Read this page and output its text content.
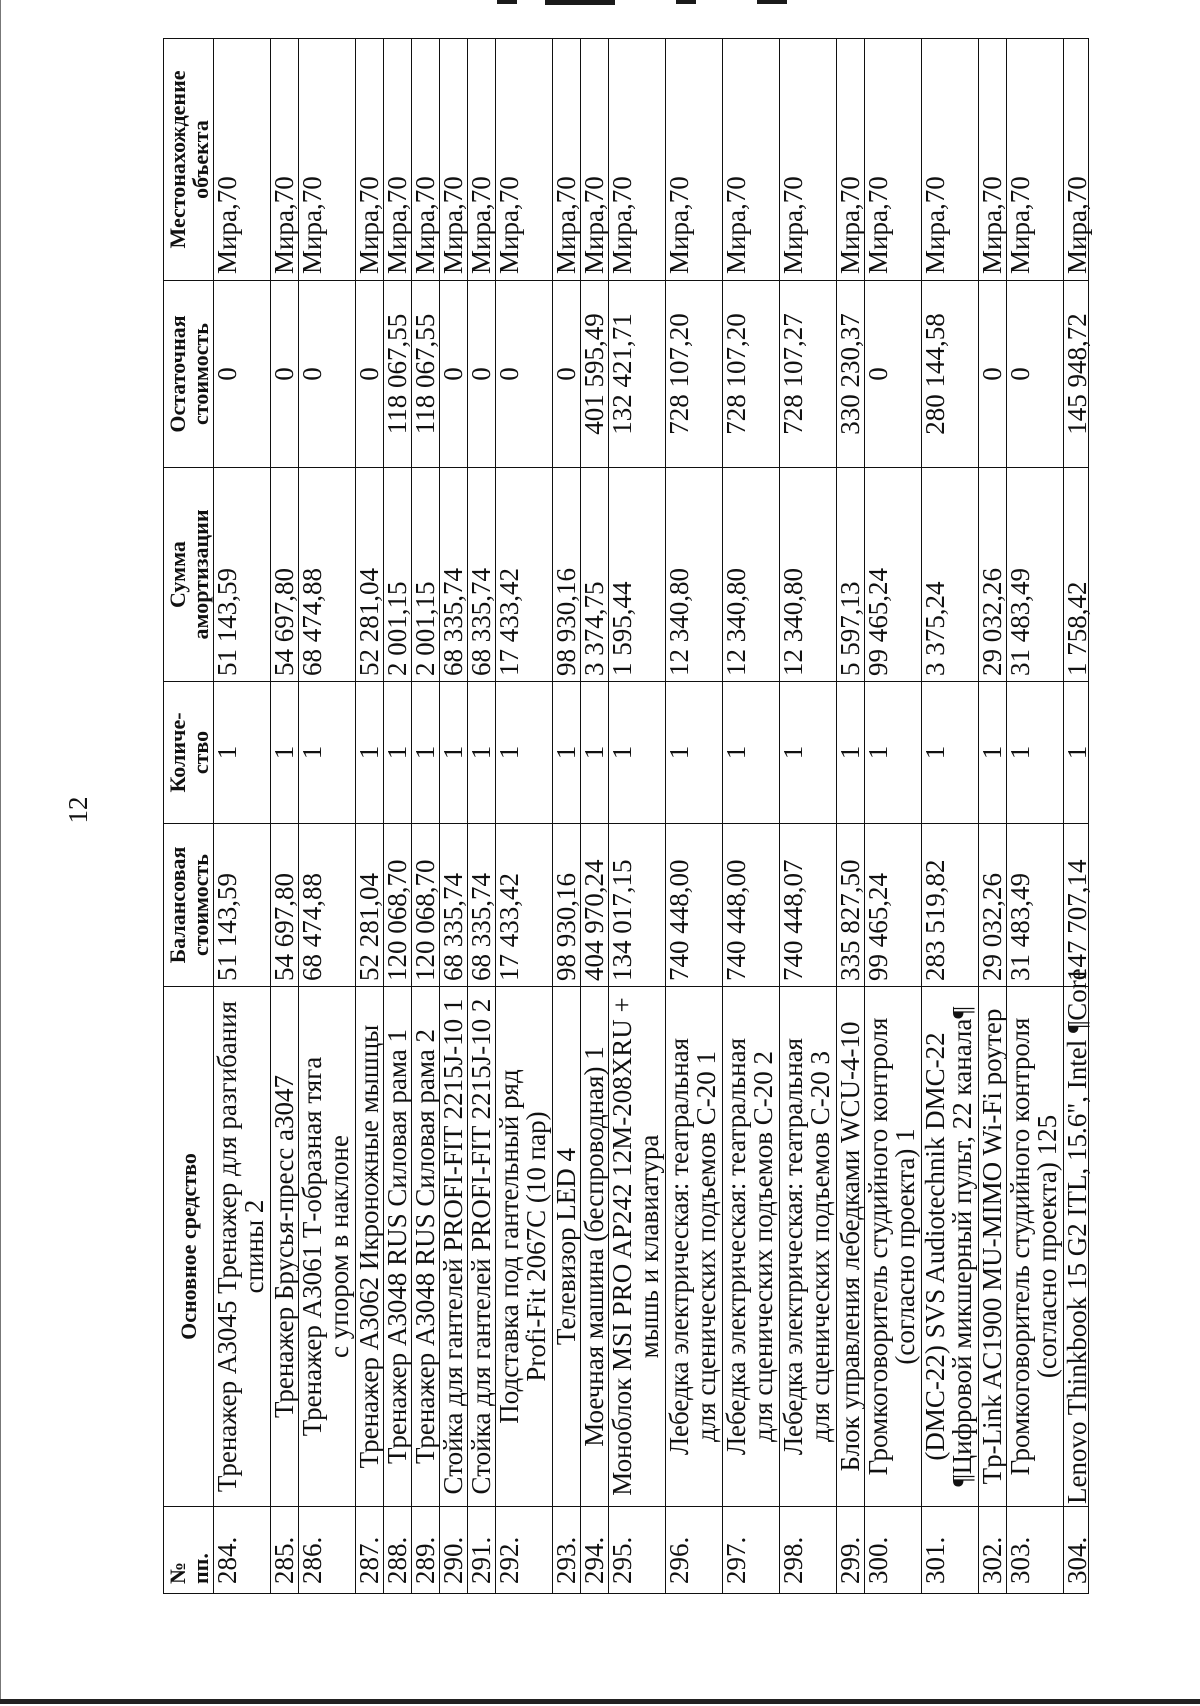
12
№
пп.
Основное средство
Балансовая
стоимость
Количе-
ство
Сумма
амортизации
Остаточная
стоимость
Местонахождение
объекта
284.
Тренажер A3045 Тренажер для разгибания
спины 2
51 143,59
1
51 143,59
0
Мира,70
285.
Тренажер Брусья-пресс а3047
54 697,80
1
54 697,80
0
Мира,70
286.
Тренажер A3061 Т-образная тяга
с упором в наклоне
68 474,88
1
68 474,88
0
Мира,70
287.
Тренажер A3062 Икроножные мышцы
52 281,04
1
52 281,04
0
Мира,70
288.
Тренажер A3048 RUS Силовая рама 1
120 068,70
1
2 001,15
118 067,55
Мира,70
289.
Тренажер A3048 RUS Силовая рама 2
120 068,70
1
2 001,15
118 067,55
Мира,70
290.
Стойка для гантелей PROFI-FIT 2215J-10 1
68 335,74
1
68 335,74
0
Мира,70
291.
Стойка для гантелей PROFI-FIT 2215J-10 2
68 335,74
1
68 335,74
0
Мира,70
292.
Подставка под гантельный ряд
Profi-Fit 2067C (10 пар)
17 433,42
1
17 433,42
0
Мира,70
293.
Телевизор LED 4
98 930,16
1
98 930,16
0
Мира,70
294.
Моечная машина (беспроводная) 1
404 970,24
1
3 374,75
401 595,49
Мира,70
295.
Моноблок MSI PRO AP242 12M-208XRU +
мышь и клавиатура
134 017,15
1
1 595,44
132 421,71
Мира,70
296.
Лебедка электрическая: театральная
для сценических подъемов С-20 1
740 448,00
1
12 340,80
728 107,20
Мира,70
297.
Лебедка электрическая: театральная
для сценических подъемов С-20 2
740 448,00
1
12 340,80
728 107,20
Мира,70
298.
Лебедка электрическая: театральная
для сценических подъемов С-20 3
740 448,07
1
12 340,80
728 107,27
Мира,70
299.
Блок управления лебедками WCU-4-10
335 827,50
1
5 597,13
330 230,37
Мира,70
300.
Громкоговоритель студийного контроля
(согласно проекта) 1
99 465,24
1
99 465,24
0
Мира,70
301.
(DMC-22) SVS Audiotechnik DMC-22
¶Цифровой микшерный пульт, 22 канала¶
283 519,82
1
3 375,24
280 144,58
Мира,70
302.
Tp-Link AC1900 MU-MIMO Wi-Fi роутер
29 032,26
1
29 032,26
0
Мира,70
303.
Громкоговоритель студийного контроля
(согласно проекта) 125
31 483,49
1
31 483,49
0
Мира,70
304.
Lenovo Thinkbook 15 G2 ITL, 15.6", Intel ¶Core
147 707,14
1
1 758,42
145 948,72
Мира,70
